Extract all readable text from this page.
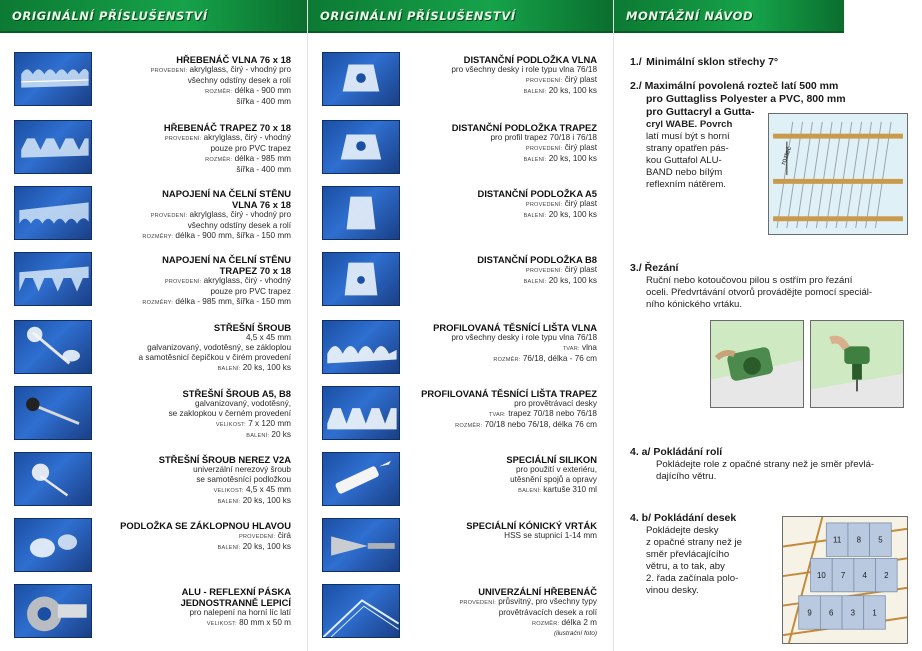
ORIGINÁLNÍ PŘÍSLUŠENSTVÍ
HŘEBENÁČ VLNA 76 x 18
PROVEDENÍ: akrylglass, čirý - vhodný pro
všechny odstíny desek a rolí
ROZMĚR: délka - 900 mm
šířka - 400 mm
HŘEBENÁČ TRAPEZ 70 x 18
PROVEDENÍ: akrylglass, čirý - vhodný
pouze pro PVC trapez
ROZMĚR: délka - 985 mm
šířka - 400 mm
NAPOJENÍ NA ČELNÍ STĚNU
VLNA 76 x 18
PROVEDENÍ: akrylglass, čirý - vhodný pro
všechny odstíny desek a rolí
ROZMĚRY: délka - 900 mm, šířka - 150 mm
NAPOJENÍ NA ČELNÍ STĚNU
TRAPEZ 70 x 18
PROVEDENÍ: akrylglass, čirý - vhodný
pouze pro PVC trapez
ROZMĚRY: délka - 985 mm, šířka - 150 mm
STŘEŠNÍ ŠROUB
4,5 x 45 mm
galvanizovaný, vodotěsný, se zákloplou
a samotěsnicí čepičkou v čirém provedení
BALENÍ: 20 ks, 100 ks
STŘEŠNÍ ŠROUB A5, B8
galvanizovaný, vodotěsný,
se zaklopkou v černém provedení
VELIKOST: 7 x 120 mm
BALENÍ: 20 ks
STŘEŠNÍ ŠROUB NEREZ V2A
univerzální nerezový šroub
se samotěsnící podložkou
VELIKOST: 4,5 x 45 mm
BALENÍ: 20 ks, 100 ks
PODLOŽKA SE ZÁKLOPNOU HLAVOU
PROVEDENÍ: čirá
BALENÍ: 20 ks, 100 ks
ALU - REFLEXNÍ PÁSKA
JEDNOSTRANNĚ LEPICÍ
pro nalepení na horní líc latí
VELIKOST: 80 mm x 50 m
ORIGINÁLNÍ PŘÍSLUŠENSTVÍ
DISTANČNÍ PODLOŽKA VLNA
pro všechny desky i role typu vlna 76/18
PROVEDENÍ: čirý plast
BALENÍ: 20 ks, 100 ks
DISTANČNÍ PODLOŽKA TRAPEZ
pro profil trapez 70/18 i 76/18
PROVEDENÍ: čirý plast
BALENÍ: 20 ks, 100 ks
DISTANČNÍ PODLOŽKA A5
PROVEDENÍ: čirý plast
BALENÍ: 20 ks, 100 ks
DISTANČNÍ PODLOŽKA B8
PROVEDENÍ: čirý plast
BALENÍ: 20 ks, 100 ks
PROFILOVANÁ TĚSNÍCÍ LIŠTA VLNA
pro všechny desky i role typu vlna 76/18
TVAR: vlna
ROZMĚR: 76/18, délka - 76 cm
PROFILOVANÁ TĚSNÍCÍ LIŠTA TRAPEZ
pro provětrávací desky
TVAR: trapez 70/18 nebo 76/18
ROZMĚR: 70/18 nebo 76/18, délka 76 cm
SPECIÁLNÍ SILIKON
pro použití v exteriéru,
utěsnění spojů a opravy
BALENÍ: kartuše 310 ml
SPECIÁLNÍ KÓNICKÝ VRTÁK
HSS se stupnicí 1-14 mm
UNIVERZÁLNÍ HŘEBENÁČ
PROVEDENÍ: průsvitný, pro všechny typy
provětrávacích desek a rolí
ROZMĚR: délka 2 m
(ilustrační foto)
MONTÁŽNÍ NÁVOD
1./ Minimální sklon střechy 7°
2./ Maximální povolená rozteč latí 500 mm
pro Guttagliss Polyester a PVC, 800 mm
pro Guttacryl a Gutta-
cryl WABE. Povrch
latí musí být s horní
strany opatřen pás-
kou Guttafol ALU-
BAND nebo bílým
reflexním nátěrem.
rozteč
3./ Řezání
Ruční nebo kotoučovou pilou s ostřím pro řezání
oceli. Předvrtávání otvorů provádějte pomocí speciál-
ního kónického vrtáku.
4. a/ Pokládání rolí
Pokládejte role z opačné strany než je směr převlá-
dajícího větru.
4. b/ Pokládání desek
Pokládejte desky
z opačné strany než je
směr převlácajícího
větru, a to tak, aby
2. řada začínala polo-
vinou desky.
11 8 5
10 7 4 2
9 6 3 1
